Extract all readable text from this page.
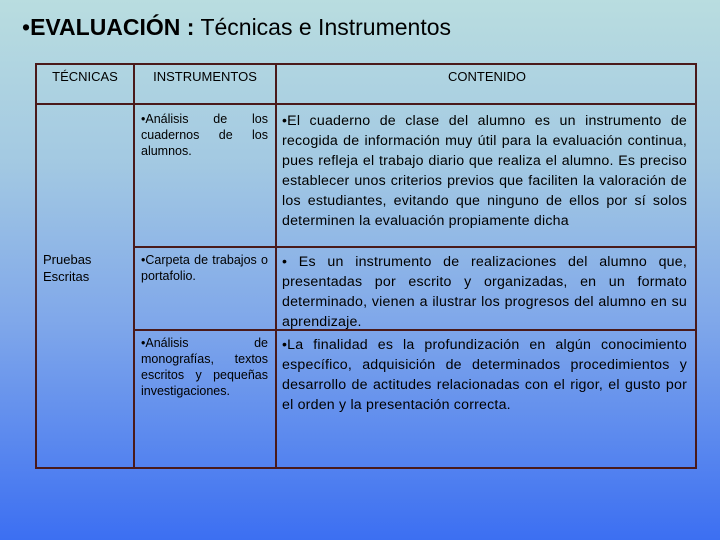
•EVALUACIÓN : Técnicas e Instrumentos
TÉCNICAS	INSTRUMENTOS	CONTENIDO
Pruebas Escritas
•Análisis de los cuadernos de los alumnos.
•El cuaderno de clase del alumno es un instrumento de recogida de información muy útil para la evaluación continua, pues refleja el trabajo diario que realiza el alumno. Es preciso establecer unos criterios previos que faciliten la valoración de los estudiantes, evitando que ninguno de ellos por sí solos determinen la evaluación propiamente dicha
•Carpeta de trabajos o portafolio.
• Es un instrumento de realizaciones del alumno que, presentadas por escrito y organizadas, en un formato determinado, vienen a ilustrar los progresos del alumno en su aprendizaje.
•Análisis de monografías, textos escritos y pequeñas investigaciones.
•La finalidad es la profundización en algún conocimiento específico, adquisición de determinados procedimientos y desarrollo de actitudes relacionadas con el rigor, el gusto por el orden y la presentación correcta.
